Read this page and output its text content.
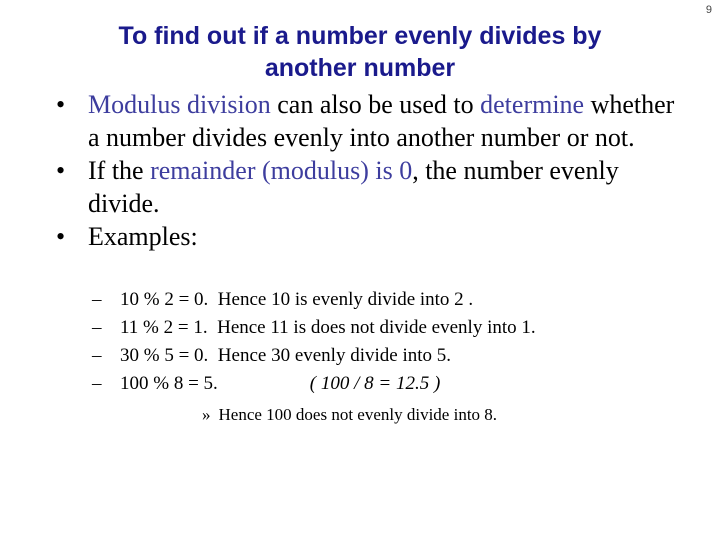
9
To find out if a number evenly divides by
another number
• Modulus division can also be used to determine whether a number divides evenly into another number or not.
• If the remainder (modulus) is 0, the number evenly divide.
• Examples:
– 10 % 2 = 0. Hence 10 is evenly divide into 2 .
– 11 % 2 = 1. Hence 11 is does not divide evenly into 1.
– 30 % 5 = 0. Hence 30 evenly divide into 5.
– 100 % 8 = 5.	( 100 / 8 = 12.5 )
» Hence 100 does not evenly divide into 8.
